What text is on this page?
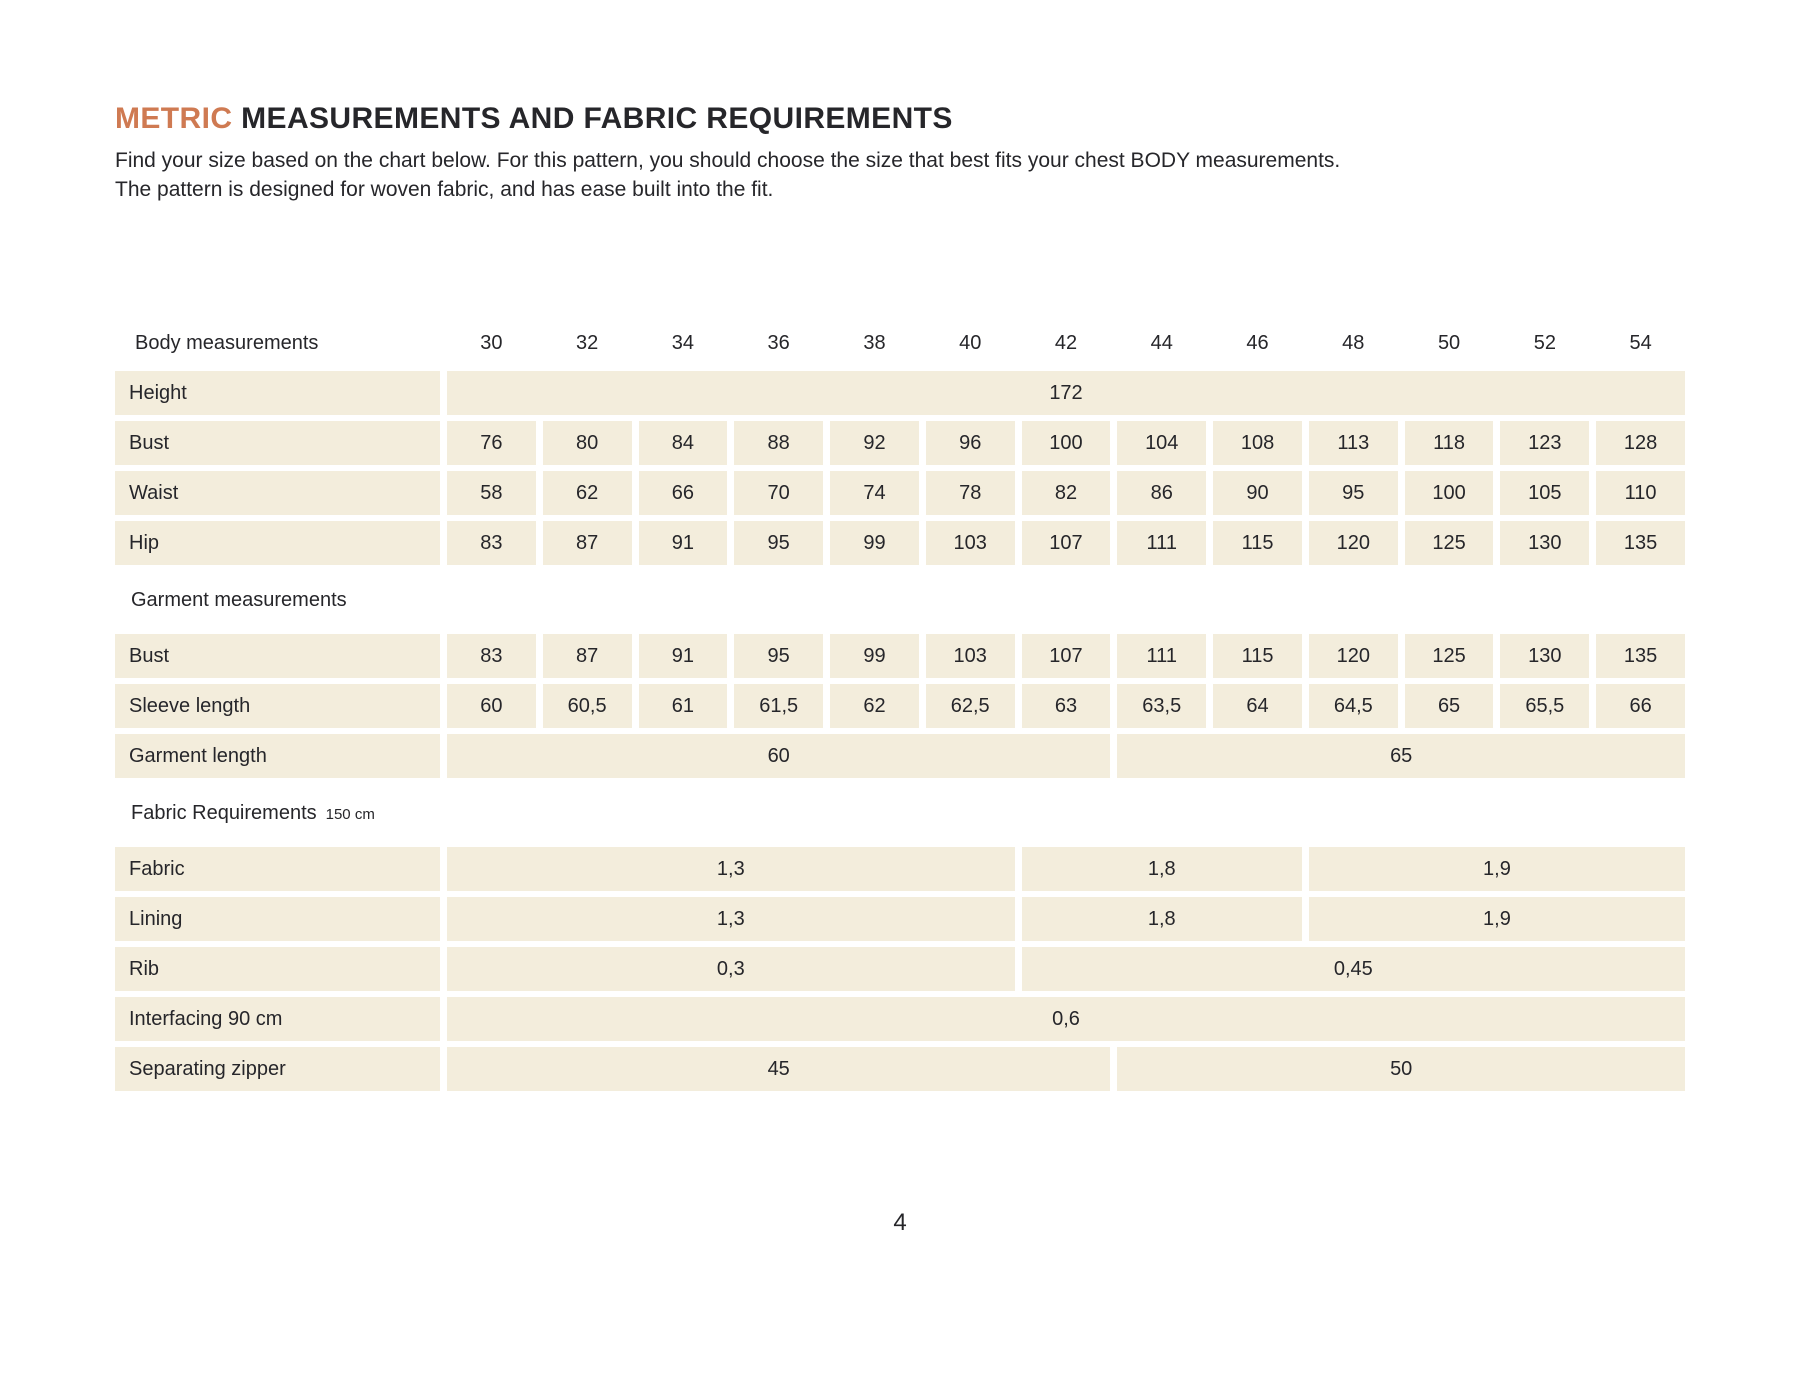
METRIC MEASUREMENTS AND FABRIC REQUIREMENTS

Find your size based on the chart below. For this pattern, you should choose the size that best fits your chest BODY measurements.
The pattern is designed for woven fabric, and has ease built into the fit.

Body measurements	30	32	34	36	38	40	42	44	46	48	50	52	54
Height	172
Bust	76	80	84	88	92	96	100	104	108	113	118	123	128
Waist	58	62	66	70	74	78	82	86	90	95	100	105	110
Hip	83	87	91	95	99	103	107	111	115	120	125	130	135
Garment measurements
Bust	83	87	91	95	99	103	107	111	115	120	125	130	135
Sleeve length	60	60,5	61	61,5	62	62,5	63	63,5	64	64,5	65	65,5	66
Garment length	60	65
Fabric Requirements 150 cm
Fabric	1,3	1,8	1,9
Lining	1,3	1,8	1,9
Rib	0,3	0,45
Interfacing 90 cm	0,6
Separating zipper	45	50
4
